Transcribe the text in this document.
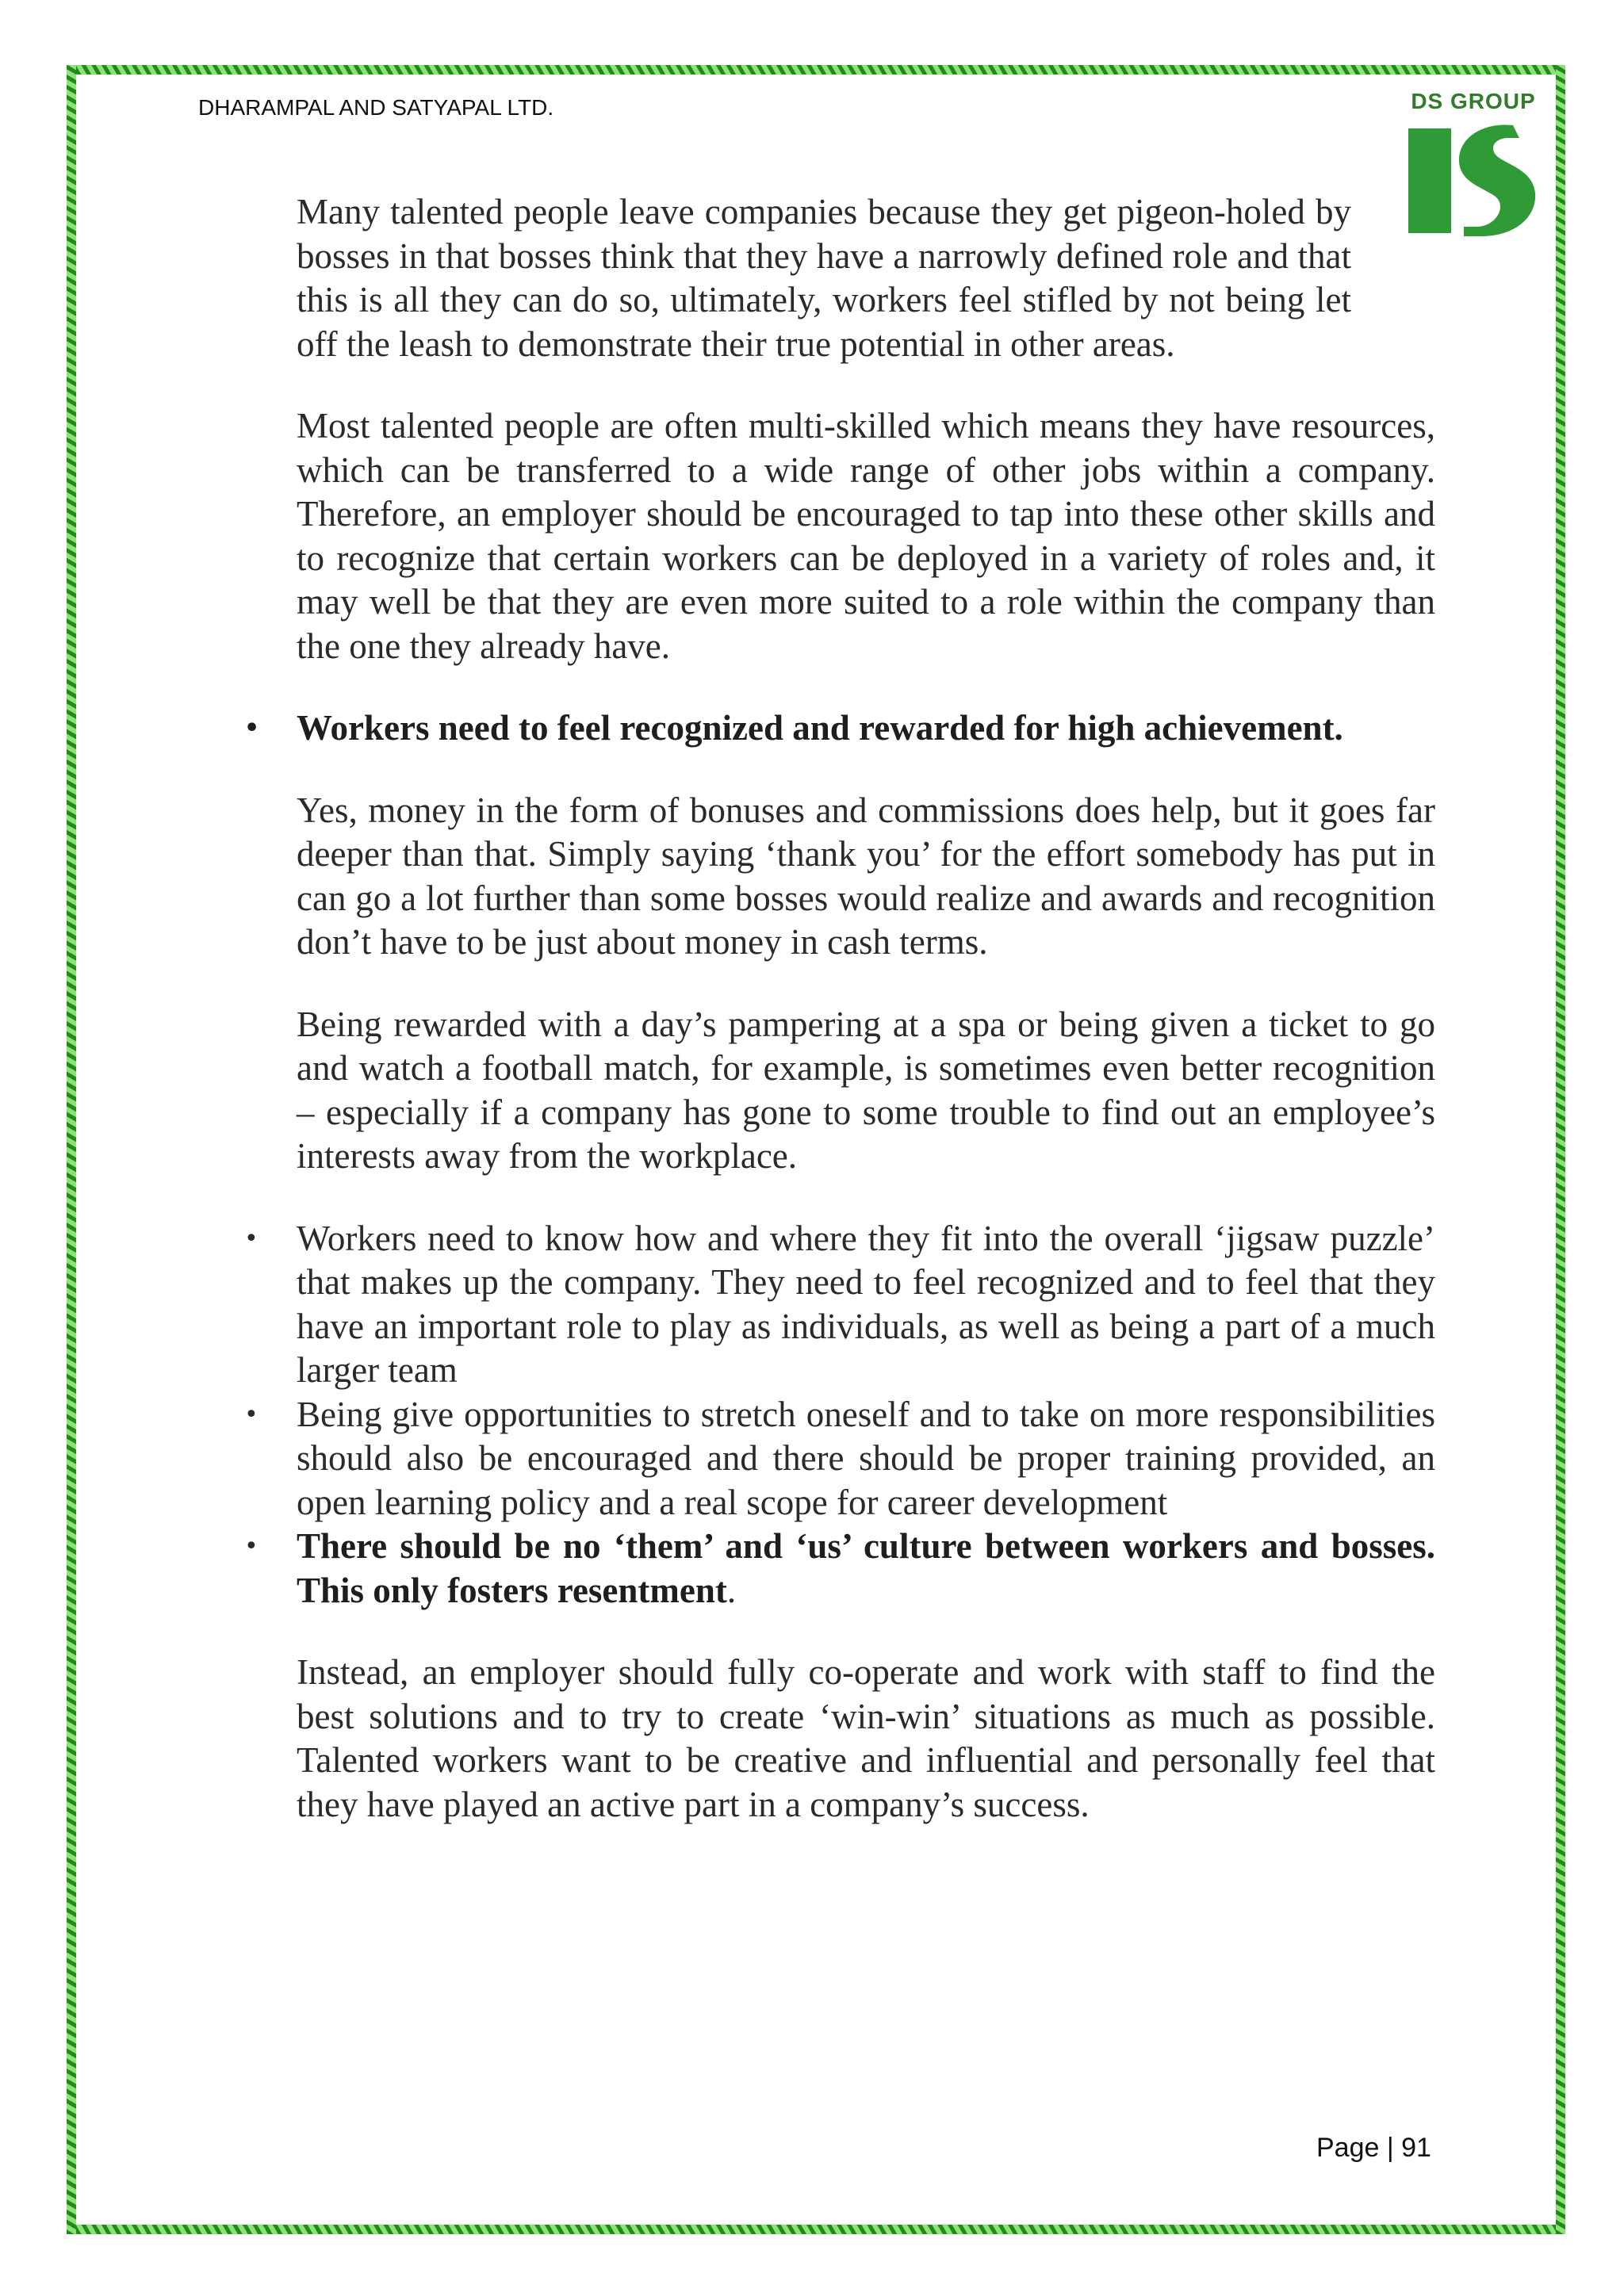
DHARAMPAL AND SATYAPAL LTD.	DS GROUP

Many talented people leave companies because they get pigeon-holed by bosses in that bosses think that they have a narrowly defined role and that this is all they can do so, ultimately, workers feel stifled by not being let off the leash to demonstrate their true potential in other areas.

Most talented people are often multi-skilled which means they have resources, which can be transferred to a wide range of other jobs within a company. Therefore, an employer should be encouraged to tap into these other skills and to recognize that certain workers can be deployed in a variety of roles and, it may well be that they are even more suited to a role within the company than the one they already have.

• Workers need to feel recognized and rewarded for high achievement.

Yes, money in the form of bonuses and commissions does help, but it goes far deeper than that. Simply saying ‘thank you’ for the effort somebody has put in can go a lot further than some bosses would realize and awards and recognition don’t have to be just about money in cash terms.

Being rewarded with a day’s pampering at a spa or being given a ticket to go and watch a football match, for example, is sometimes even better recognition – especially if a company has gone to some trouble to find out an employee’s interests away from the workplace.

• Workers need to know how and where they fit into the overall ‘jigsaw puzzle’ that makes up the company. They need to feel recognized and to feel that they have an important role to play as individuals, as well as being a part of a much larger team

• Being give opportunities to stretch oneself and to take on more responsibilities should also be encouraged and there should be proper training provided, an open learning policy and a real scope for career development

• There should be no ‘them’ and ‘us’ culture between workers and bosses. This only fosters resentment.

Instead, an employer should fully co-operate and work with staff to find the best solutions and to try to create ‘win-win’ situations as much as possible. Talented workers want to be creative and influential and personally feel that they have played an active part in a company’s success.

Page | 91
